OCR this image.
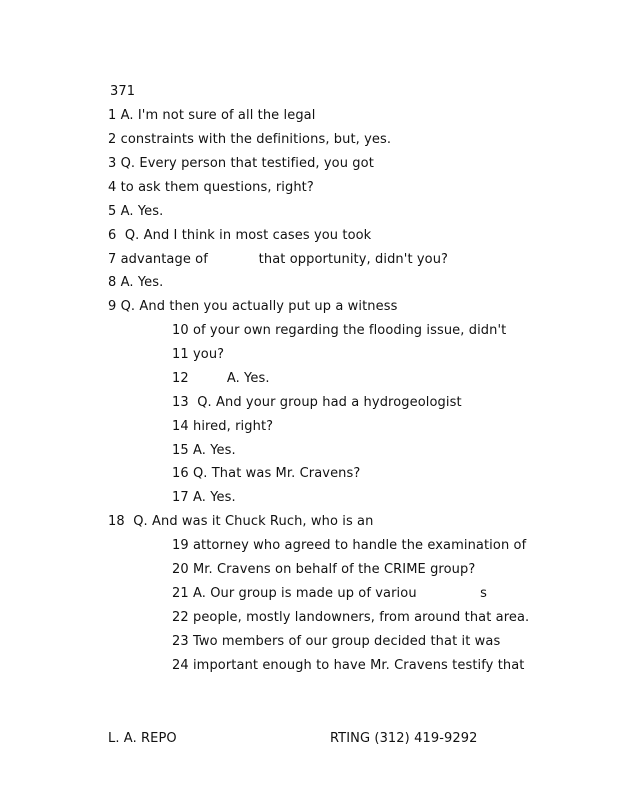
371
1 A. I'm not sure of all the legal
2 constraints with the definitions, but, yes.
3 Q. Every person that testified, you got
4 to ask them questions, right?
5 A. Yes.
6  Q. And I think in most cases you took
7 advantage of            that opportunity, didn't you?
8 A. Yes.
9 Q. And then you actually put up a witness
10 of your own regarding the flooding issue, didn't
11 you?
12         A. Yes.
13  Q. And your group had a hydrogeologist
14 hired, right?
15 A. Yes.
16 Q. That was Mr. Cravens?
17 A. Yes.
18  Q. And was it Chuck Ruch, who is an
19 attorney who agreed to handle the examination of
20 Mr. Cravens on behalf of the CRIME group?
21 A. Our group is made up of variou               s
22 people, mostly landowners, from around that area.
23 Two members of our group decided that it was
24 important enough to have Mr. Cravens testify that
L. A. REPO	RTING (312) 419-9292
